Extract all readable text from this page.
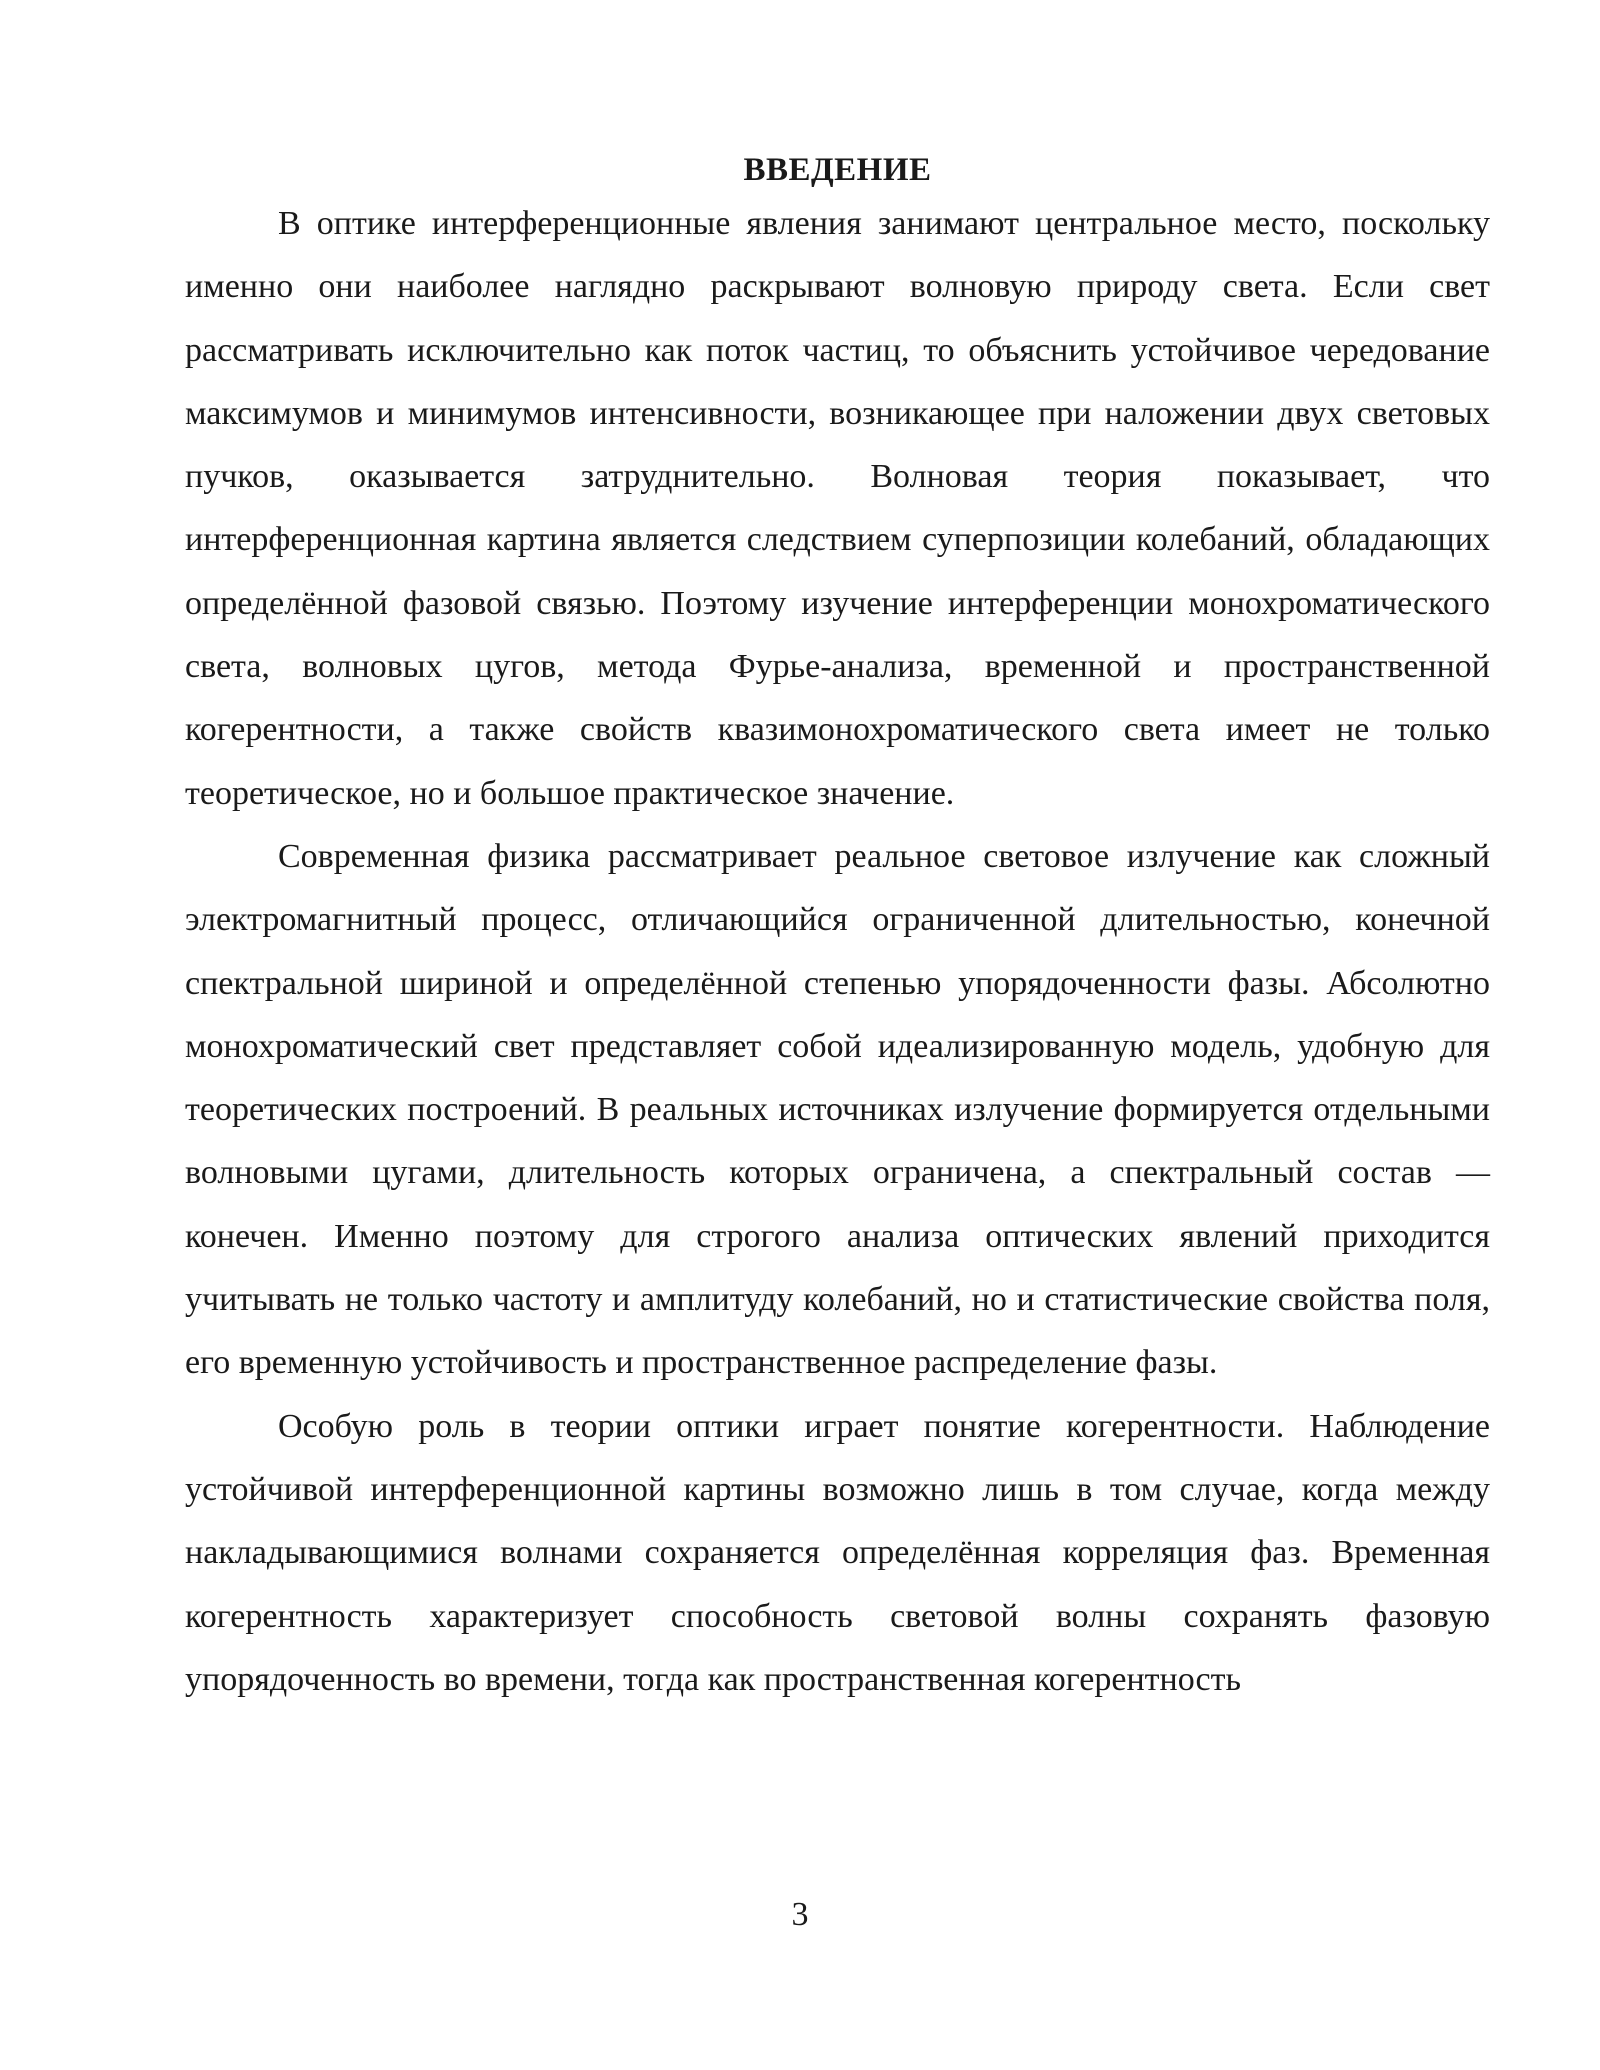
ВВЕДЕНИЕ

В оптике интерференционные явления занимают центральное место, поскольку именно они наиболее наглядно раскрывают волновую природу света. Если свет рассматривать исключительно как поток частиц, то объяснить устойчивое чередование максимумов и минимумов интенсивности, возникающее при наложении двух световых пучков, оказывается затруднительно. Волновая теория показывает, что интерференционная картина является следствием суперпозиции колебаний, обладающих определённой фазовой связью. Поэтому изучение интерференции монохроматического света, волновых цугов, метода Фурье-анализа, временной и пространственной когерентности, а также свойств квазимонохроматического света имеет не только теоретическое, но и большое практическое значение.

Современная физика рассматривает реальное световое излучение как сложный электромагнитный процесс, отличающийся ограниченной длительностью, конечной спектральной шириной и определённой степенью упорядоченности фазы. Абсолютно монохроматический свет представляет собой идеализированную модель, удобную для теоретических построений. В реальных источниках излучение формируется отдельными волновыми цугами, длительность которых ограничена, а спектральный состав — конечен. Именно поэтому для строгого анализа оптических явлений приходится учитывать не только частоту и амплитуду колебаний, но и статистические свойства поля, его временную устойчивость и пространственное распределение фазы.

Особую роль в теории оптики играет понятие когерентности. Наблюдение устойчивой интерференционной картины возможно лишь в том случае, когда между накладывающимися волнами сохраняется определённая корреляция фаз. Временная когерентность характеризует способность световой волны сохранять фазовую упорядоченность во времени, тогда как пространственная когерентность

3
